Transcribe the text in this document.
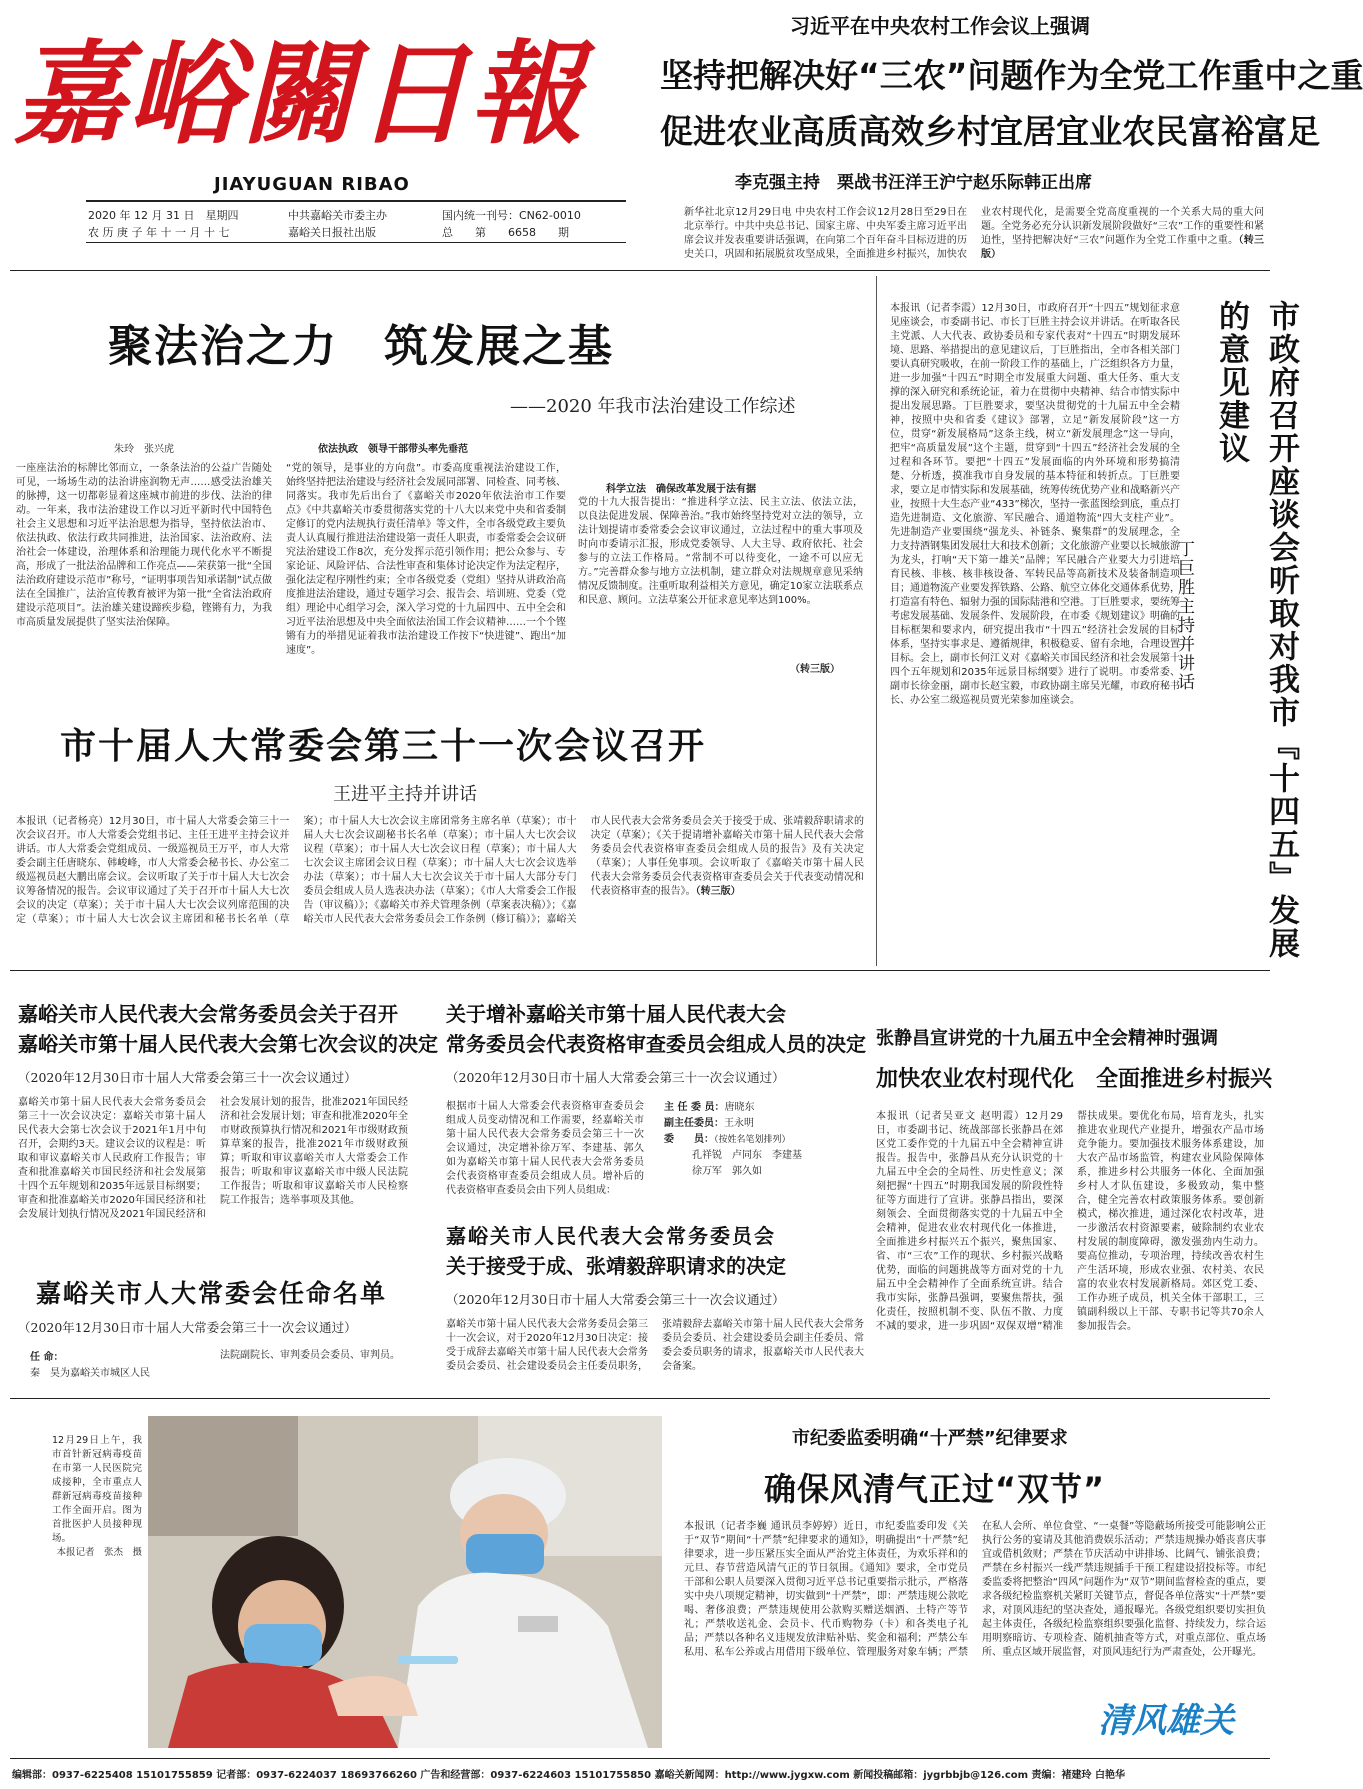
嘉峪關日報
JIAYUGUAN RIBAO
2020 年 12 月 31 日　星期四
农 历 庚 子 年 十 一 月 十 七
中共嘉峪关市委主办
嘉峪关日报社出版
国内统一刊号：CN62-0010
总　　第　　6658　　期
习近平在中央农村工作会议上强调
坚持把解决好“三农”问题作为全党工作重中之重
促进农业高质高效乡村宜居宜业农民富裕富足
李克强主持　栗战书汪洋王沪宁赵乐际韩正出席
新华社北京12月29日电 中央农村工作会议12月28日至29日在北京举行。中共中央总书记、国家主席、中央军委主席习近平出席会议并发表重要讲话强调，在向第二个百年奋斗目标迈进的历史关口，巩固和拓展脱贫攻坚成果，全面推进乡村振兴，加快农业农村现代化，是需要全党高度重视的一个关系大局的重大问题。全党务必充分认识新发展阶段做好“三农”工作的重要性和紧迫性，坚持把解决好“三农”问题作为全党工作重中之重。（转三版）
聚法治之力　筑发展之基
——2020 年我市法治建设工作综述
朱玲　张兴虎
一座座法治的标牌比邻而立，一条条法治的公益广告随处可见，一场场生动的法治讲座润物无声……感受法治雄关的脉搏，这一切都彰显着这座城市前进的步伐、法治的律动。一年来，我市法治建设工作以习近平新时代中国特色社会主义思想和习近平法治思想为指导，坚持依法治市、依法执政、依法行政共同推进，法治国家、法治政府、法治社会一体建设，治理体系和治理能力现代化水平不断提高，形成了一批法治品牌和工作亮点——荣获第一批“全国法治政府建设示范市”称号，“证明事项告知承诺制”试点做法在全国推广，法治宣传教育被评为第一批“全省法治政府建设示范项目”。法治雄关建设蹄疾步稳，铿锵有力，为我市高质量发展提供了坚实法治保障。
依法执政　领导干部带头率先垂范
“党的领导，是事业的方向盘”。市委高度重视法治建设工作，始终坚持把法治建设与经济社会发展同部署、同检查、同考核、同落实。我市先后出台了《嘉峪关市2020年依法治市工作要点》《中共嘉峪关市委贯彻落实党的十八大以来党中央和省委制定修订的党内法规执行责任清单》等文件，全市各级党政主要负责人认真履行推进法治建设第一责任人职责，市委常委会会议研究法治建设工作8次，充分发挥示范引领作用；把公众参与、专家论证、风险评估、合法性审查和集体讨论决定作为法定程序，强化法定程序刚性约束；全市各级党委（党组）坚持从讲政治高度推进法治建设，通过专题学习会、报告会、培训班、党委（党组）理论中心组学习会，深入学习党的十九届四中、五中全会和习近平法治思想及中央全面依法治国工作会议精神……一个个铿锵有力的举措见证着我市法治建设工作按下“快进键”、跑出“加速度”。
科学立法　确保改革发展于法有据
党的十九大报告提出：“推进科学立法、民主立法、依法立法，以良法促进发展、保障善治。”我市始终坚持党对立法的领导，立法计划提请市委常委会会议审议通过，立法过程中的重大事项及时向市委请示汇报，形成党委领导、人大主导、政府依托、社会参与的立法工作格局。“常制不可以待变化，一途不可以应无方。”完善群众参与地方立法机制，建立群众对法规规章意见采纳情况反馈制度。注重听取利益相关方意见，确定10家立法联系点和民意、顾问。立法草案公开征求意见率达到100%。
（转三版）
市十届人大常委会第三十一次会议召开
王进平主持并讲话
本报讯（记者杨亮）12月30日，市十届人大常委会第三十一次会议召开。市人大常委会党组书记、主任王进平主持会议并讲话。市人大常委会党组成员、一级巡视员王万平，市人大常委会副主任唐晓东、韩峻峰，市人大常委会秘书长、办公室二级巡视员赵大鹏出席会议。会议听取了关于市十届人大七次会议筹备情况的报告。会议审议通过了关于召开市十届人大七次会议的决定（草案）；关于市十届人大七次会议列席范围的决定（草案）；市十届人大七次会议主席团和秘书长名单（草案）；市十届人大七次会议主席团常务主席名单（草案）；市十届人大七次会议副秘书长名单（草案）；市十届人大七次会议议程（草案）；市十届人大七次会议日程（草案）；市十届人大七次会议主席团会议日程（草案）；市十届人大七次会议选举办法（草案）；市十届人大七次会议关于市十届人大部分专门委员会组成人员人选表决办法（草案）；《市人大常委会工作报告（审议稿）》；《嘉峪关市养犬管理条例（草案表决稿）》；《嘉峪关市人民代表大会常务委员会工作条例（修订稿）》；嘉峪关市人民代表大会常务委员会关于接受于成、张靖毅辞职请求的决定（草案）；《关于提请增补嘉峪关市第十届人民代表大会常务委员会代表资格审查委员会组成人员的报告》及有关决定（草案）；人事任免事项。会议听取了《嘉峪关市第十届人民代表大会常务委员会代表资格审查委员会关于代表变动情况和代表资格审查的报告》。（转三版）
本报讯（记者李霞）12月30日，市政府召开“十四五”规划征求意见座谈会，市委副书记、市长丁巨胜主持会议并讲话。在听取各民主党派、人大代表、政协委员和专家代表对“十四五”时期发展环境、思路、举措提出的意见建议后，丁巨胜指出，全市各相关部门要认真研究吸收，在前一阶段工作的基础上，广泛组织各方力量，进一步加强“十四五”时期全市发展重大问题、重大任务、重大支撑的深入研究和系统论证，着力在贯彻中央精神、结合市情实际中提出发展思路。丁巨胜要求，要坚决贯彻党的十九届五中全会精神，按照中央和省委《建议》部署，立足“新发展阶段”这一方位，贯穿“新发展格局”这条主线，树立“新发展理念”这一导向，把牢“高质量发展”这个主题，贯穿到“十四五”经济社会发展的全过程和各环节。要把“十四五”发展面临的内外环境和形势搞清楚、分析透，摸准我市自身发展的基本特征和转折点。丁巨胜要求，要立足市情实际和发展基础，统筹传统优势产业和战略新兴产业，按照十大生态产业“433”梯次，坚持一张蓝图绘到底，重点打造先进制造、文化旅游、军民融合、通道物流“四大支柱产业”。先进制造产业要围绕“强龙头、补链条、聚集群”的发展理念，全力支持酒钢集团发展壮大和技术创新；文化旅游产业要以长城旅游为龙头，打响“天下第一雄关”品牌；军民融合产业要大力引进培育民核、非核、核非核设备、军转民品等高新技术及装备制造项目；通道物流产业要发挥铁路、公路、航空立体化交通体系优势，打造富有特色、辐射力强的国际陆港和空港。丁巨胜要求，要统筹考虑发展基础、发展条件、发展阶段，在市委《规划建议》明确的目标框架和要求内，研究提出我市“十四五”经济社会发展的目标体系，坚持实事求是、遵循规律，积极稳妥、留有余地，合理设置目标。会上，副市长何江义对《嘉峪关市国民经济和社会发展第十四个五年规划和2035年远景目标纲要》进行了说明。市委常委、副市长徐金丽，副市长赵宝毅，市政协副主席吴光耀，市政府秘书长、办公室二级巡视员贾光荣参加座谈会。	市政府召开座谈会听取对我市『十四五』发展的意见建议
丁巨胜主持并讲话
嘉峪关市人民代表大会常务委员会关于召开
嘉峪关市第十届人民代表大会第七次会议的决定
（2020年12月30日市十届人大常委会第三十一次会议通过）
嘉峪关市第十届人民代表大会常务委员会第三十一次会议决定：嘉峪关市第十届人民代表大会第七次会议于2021年1月中旬召开，会期约3天。建议会议的议程是：听取和审议嘉峪关市人民政府工作报告；审查和批准嘉峪关市国民经济和社会发展第十四个五年规划和2035年远景目标纲要；审查和批准嘉峪关市2020年国民经济和社会发展计划执行情况及2021年国民经济和社会发展计划的报告，批准2021年国民经济和社会发展计划；审查和批准2020年全市财政预算执行情况和2021年市级财政预算草案的报告，批准2021年市级财政预算；听取和审议嘉峪关市人大常委会工作报告；听取和审议嘉峪关市中级人民法院工作报告；听取和审议嘉峪关市人民检察院工作报告；选举事项及其他。
嘉峪关市人大常委会任命名单
（2020年12月30日市十届人大常委会第三十一次会议通过）
任 命：
秦　昊为嘉峪关市城区人民
法院副院长、审判委员会委员、审判员。
关于增补嘉峪关市第十届人民代表大会
常务委员会代表资格审查委员会组成人员的决定
（2020年12月30日市十届人大常委会第三十一次会议通过）
根据市十届人大常委会代表资格审查委员会组成人员变动情况和工作需要，经嘉峪关市第十届人民代表大会常务委员会第三十一次会议通过，决定增补徐万军、李建基、郭久如为嘉峪关市第十届人民代表大会常务委员会代表资格审查委员会组成人员。增补后的代表资格审查委员会由下列人员组成：
主 任 委 员：唐晓东
副主任委员：王永明
委　　员：（按姓名笔划排列）
孔祥锐　卢同东　李建基
徐万军　郭久如
嘉峪关市人民代表大会常务委员会
关于接受于成、张靖毅辞职请求的决定
（2020年12月30日市十届人大常委会第三十一次会议通过）
嘉峪关市第十届人民代表大会常务委员会第三十一次会议，对于2020年12月30日决定：接受于成辞去嘉峪关市第十届人民代表大会常务委员会委员、社会建设委员会主任委员职务，张靖毅辞去嘉峪关市第十届人民代表大会常务委员会委员、社会建设委员会副主任委员、常委会委员职务的请求，报嘉峪关市人民代表大会备案。
张静昌宣讲党的十九届五中全会精神时强调
加快农业农村现代化　全面推进乡村振兴
本报讯（记者吴亚文 赵明霞）12月29日，市委副书记、统战部部长张静昌在郊区党工委作党的十九届五中全会精神宣讲报告。报告中，张静昌从充分认识党的十九届五中全会的全局性、历史性意义；深刻把握“十四五”时期我国发展的阶段性特征等方面进行了宣讲。张静昌指出，要深刻领会、全面贯彻落实党的十九届五中全会精神，促进农业农村现代化一体推进，全面推进乡村振兴五个振兴，聚焦国家、省、市“三农”工作的现状、乡村振兴战略优势，面临的问题挑战等方面对党的十九届五中全会精神作了全面系统宣讲。结合我市实际，张静昌强调，要聚焦帮扶，强化责任，按照机制不变、队伍不散、力度不减的要求，进一步巩固“双保双增”精准帮扶成果。要优化布局，培育龙头，扎实推进农业现代产业提升，增强农产品市场竞争能力。要加强技术服务体系建设，加大农产品市场监管，构建农业风险保障体系，推进乡村公共服务一体化、全面加强乡村人才队伍建设，多极致动，集中整合，健全完善农村政策服务体系。要创新模式，梯次推进，通过深化农村改革，进一步激活农村资源要素，破除制约农业农村发展的制度障碍，激发强劲内生动力。要高位推动，专项治理，持续改善农村生产生活环境，形成农业强、农村美、农民富的农业农村发展新格局。郊区党工委、工作办班子成员，机关全体干部职工，三镇副科级以上干部、专职书记等共70余人参加报告会。
12月29日上午，我市首针新冠病毒疫苗在市第一人民医院完成接种，全市重点人群新冠病毒疫苗接种工作全面开启。图为首批医护人员接种现场。

本报记者　张杰　摄
市纪委监委明确“十严禁”纪律要求
确保风清气正过“双节”
本报讯（记者李巍 通讯员李婷婷）近日，市纪委监委印发《关于“双节”期间“十严禁”纪律要求的通知》，明确提出“十严禁”纪律要求，进一步压紧压实全面从严治党主体责任，为欢乐祥和的元旦、春节营造风清气正的节日氛围。《通知》要求，全市党员干部和公职人员要深入贯彻习近平总书记重要指示批示，严格落实中央八项规定精神，切实做到“十严禁”，即：严禁违规公款吃喝、奢侈浪费；严禁违规使用公款购买赠送烟酒、土特产等节礼；严禁收送礼金、会员卡、代币购物券（卡）和各类电子礼品；严禁以各种名义违规发放津贴补贴、奖金和福利；严禁公车私用、私车公养或占用借用下级单位、管理服务对象车辆；严禁在私人会所、单位食堂、“一桌餐”等隐蔽场所接受可能影响公正执行公务的宴请及其他消费娱乐活动；严禁违规操办婚丧喜庆事宜或借机敛财；严禁在节庆活动中讲排场、比阔气、铺张浪费；严禁在乡村振兴一线严禁违规插手干预工程建设招投标等。市纪委监委将把整治“四风”问题作为“双节”期间监督检查的重点，要求各级纪检监察机关紧盯关键节点，督促各单位落实“十严禁”要求，对顶风违纪的坚决查处，通报曝光。各级党组织要切实担负起主体责任，各级纪检监察组织要强化监督、持续发力，综合运用明察暗访、专项检查、随机抽查等方式，对重点部位、重点场所、重点区域开展监督，对顶风违纪行为严肃查处，公开曝光。
清风雄关
编辑部：0937-6225408 15101755859 记者部：0937-6224037 18693766260 广告和经营部：0937-6224603 15101755850 嘉峪关新闻网：http://www.jygxw.com 新闻投稿邮箱：jygrbbjb@126.com 责编：褚建玲 白艳华
